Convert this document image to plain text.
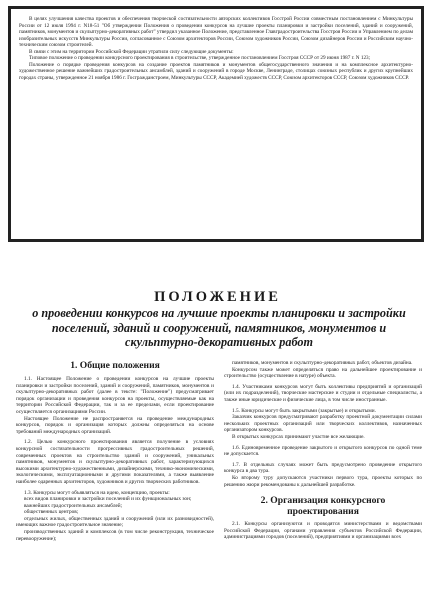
В целях улучшения качества проектов и обеспечения творческой состязательности авторских коллективов Госстрой России совместным постановлением с Минкультуры России от 12 июля 1994 г. N18-51 "Об утверждении Положения о проведении конкурсов на лучшие проекты планировки и застройки поселений, зданий и сооружений, памятников, монументов и скульптурно-декоративных работ" утвердил указанное Положение, представленное Главградостроительства Госстроя России и Управлением по делам изобразительных искусств Минкультуры России, согласованное с Союзом архитекторов России, Союзом художников России, Союзом дизайнеров России и Российским научно-техническим союзом строителей.

В связи с этим на территории Российской Федерации утратили силу следующие документы:

Типовое положение о проведении конкурсного проектирования в строительстве, утвержденное постановлением Госстроя СССР от 29 июня 1987 г. N 123;

Положение о порядке проведения конкурсов на создание проектов памятников и монументов общегосударственного значения и на комплексное архитектурно-художественное решение важнейших градостроительных ансамблей, зданий и сооружений в городе Москве, Ленинграде, столицах союзных республик и других крупнейших городах страны, утвержденное 21 ноября 1986 г. Госгражданстроем, Минкультуры СССР, Академией художеств СССР, Союзом архитекторов СССР, Союзом художников СССР.

ПОЛОЖЕНИЕ
о проведении конкурсов на лучшие проекты планировки и застройки поселений, зданий и сооружений, памятников, монументов и скульптурно-декоративных работ
1. Общие положения

1.1. Настоящее Положение о проведении конкурсов на лучшие проекты планировки и застройки поселений, зданий и сооружений, памятников, монументов и скульптурно-декоративных работ (далее в тексте: "Положение") предусматривает порядок организации и проведения конкурсов на проекты, осуществляемые как на территории Российской Федерации, так и за ее пределами, если проектирование осуществляется организациями России.

Настоящее Положение не распространяется на проведение международных конкурсов, порядок и организация которых должны определяться на основе требований международных организаций.

1.2. Целью конкурсного проектирования является получение в условиях конкурсной состязательности прогрессивных градостроительных решений, современных проектов на строительство зданий и сооружений, уникальных памятников, монументов и скульптурно-декоративных работ, характеризующихся высокими архитектурно-художественными, дизайнерскими, технико-экономическими, экологическими, эксплуатационными и другими показателями, а также выявление наиболее одаренных архитекторов, художников и других творческих работников.

1.3. Конкурсы могут объявляться на идею, концепцию, проекты:

всех видов планировки и застройки поселений и их функциональных зон;

важнейших градостроительных ансамблей;

общественных центров;

отдельных жилых, общественных зданий и сооружений (или их разновидностей), имеющих важное градостроительное значение;

производственных зданий и комплексов (в том числе реконструкция, техническое перевооружение);

памятников, монументов и скульптурно-декоративных работ, объектов дизайна.

Конкурсом также может определяться право на дальнейшее проектирование и строительство (осуществление в натуре) объекта.

1.4. Участниками конкурсов могут быть коллективы предприятий и организаций (или их подразделений), творческие мастерские и студии и отдельные специалисты, а также иные юридические и физические лица, в том числе иностранные.

1.5. Конкурсы могут быть закрытыми (закрытые) и открытыми.

Заказчик конкурсов предусматривают разработку проектной документации силами нескольких проектных организаций или творческих коллективов, назначенных организатором конкурсов.

В открытых конкурсах принимают участие все желающие.

1.6. Единовременное проведение закрытого и открытого конкурсов по одной теме не допускается.

1.7. В отдельных случаях может быть предусмотрено проведение открытого конкурса в два тура.

Ко второму туру допускаются участники первого тура, проекты которых по решению жюри рекомендованы к дальнейшей разработке.

2. Организация конкурсного проектирования

2.1. Конкурсы организуются и проводятся министерствами и ведомствами Российской Федерации, органами управления субъектов Российской Федерации, администрациями городов (поселений), предприятиями и организациями всех
